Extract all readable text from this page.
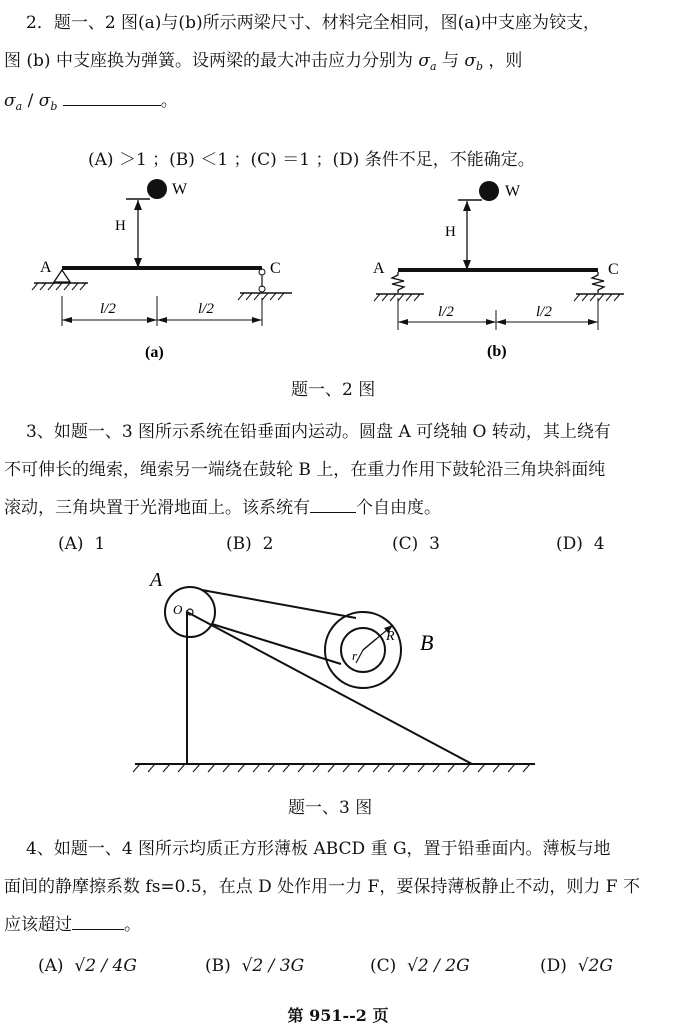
2．题一、2 图(a)与(b)所示两梁尺寸、材料完全相同，图(a)中支座为铰支，
图 (b) 中支座换为弹簧。设两梁的最大冲击应力分别为 $\sigma_a$ 与 $\sigma_b$ ，则
$\sigma_a / \sigma_b$	。
(A) ＞1 ；(B) ＜1 ；(C) ＝1 ；(D) 条件不足，不能确定。
W
H
A	C
l/2	l/2
(a)
W
H
A	C
l/2	l/2
(b)
题一、2 图
3、如题一、3 图所示系统在铅垂面内运动。圆盘 A 可绕轴 O 转动，其上绕有
不可伸长的绳索，绳索另一端绕在鼓轮 B 上，在重力作用下鼓轮沿三角块斜面纯
滚动，三角块置于光滑地面上。该系统有	个自由度。
(A) 1	(B) 2	(C) 3	(D) 4
A
O
R
r
B
题一、3 图
4、如题一、4 图所示均质正方形薄板 ABCD 重 G，置于铅垂面内。薄板与地
面间的静摩擦系数 fs=0.5，在点 D 处作用一力 F，要保持薄板静止不动，则力 F 不
应该超过	。
(A) √2 / 4G	(B) √2 / 3G	(C) √2 / 2G	(D) √2G
第 951--2 页
